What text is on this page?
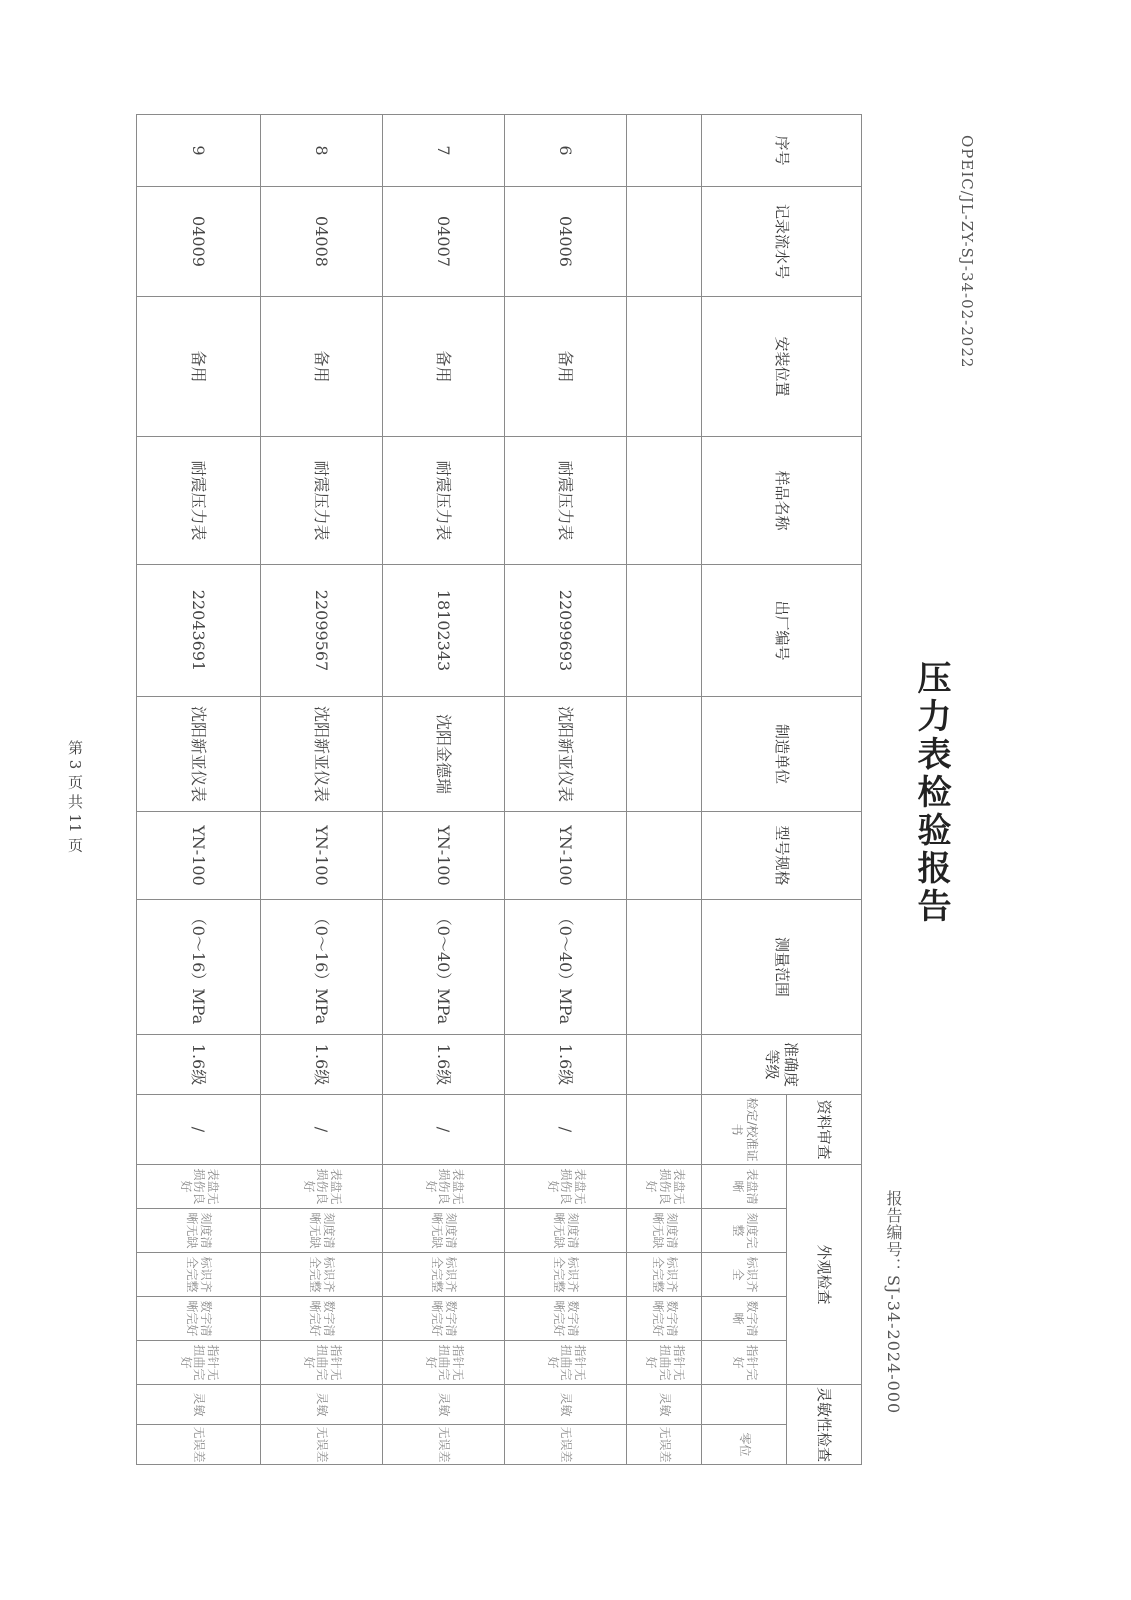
OPEIC/JL-ZY-SJ-34-02-2022
压力表检验报告
报告编号：SJ-34-2024-000
第 3 页 共 11 页
序号	记录流水号	安装位置	样品名称	出厂编号	制造单位	型号规格	测量范围	准确度等级	资料审查	外观检查					灵敏性检查	
									检定/校准证书	表盘清晰	刻度完整	标识齐全	数字清晰	指针完好		零位
										表盘无损伤良好	刻度清晰无缺	标识齐全完整	数字清晰完好	指针无扭曲完好	灵敏	无误差
6	04006	备用	耐震压力表	22099693	沈阳新亚仪表	YN-100	（0～40）MPa	1.6级	/	表盘无损伤良好	刻度清晰无缺	标识齐全完整	数字清晰完好	指针无扭曲完好	灵敏	无误差
7	04007	备用	耐震压力表	18102343	沈阳金德瑞	YN-100	（0～40）MPa	1.6级	/	表盘无损伤良好	刻度清晰无缺	标识齐全完整	数字清晰完好	指针无扭曲完好	灵敏	无误差
8	04008	备用	耐震压力表	22099567	沈阳新亚仪表	YN-100	（0～16）MPa	1.6级	/	表盘无损伤良好	刻度清晰无缺	标识齐全完整	数字清晰完好	指针无扭曲完好	灵敏	无误差
9	04009	备用	耐震压力表	22043691	沈阳新亚仪表	YN-100	（0～16）MPa	1.6级	/	表盘无损伤良好	刻度清晰无缺	标识齐全完整	数字清晰完好	指针无扭曲完好	灵敏	无误差
